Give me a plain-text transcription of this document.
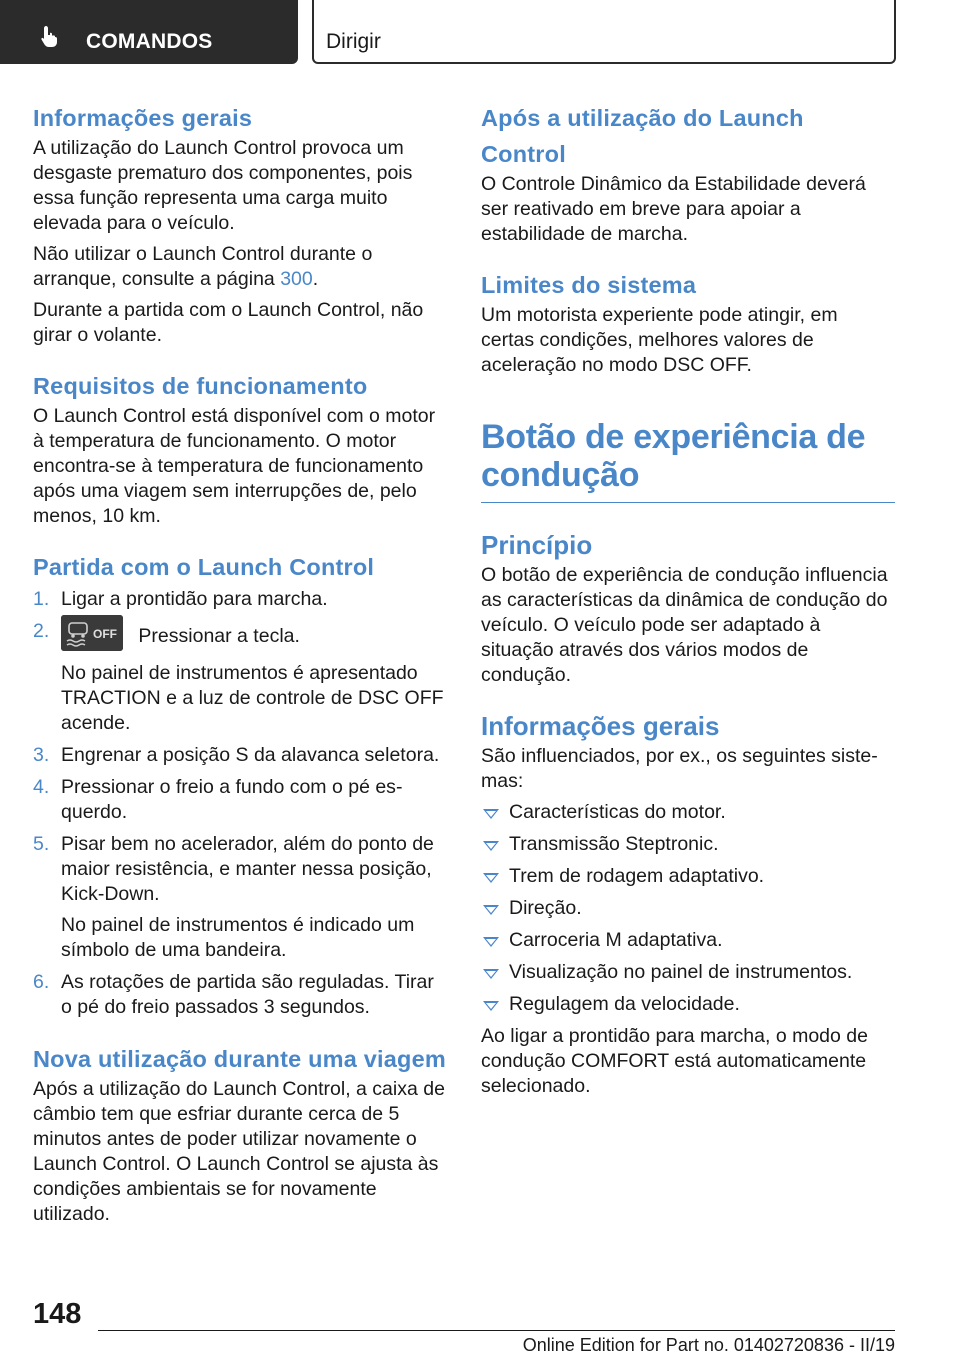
COMANDOS	Dirigir
Informações gerais

A utilização do Launch Control provoca um desgaste prematuro dos componentes, pois essa função representa uma carga muito elevada para o veículo.

Não utilizar o Launch Control durante o arranque, consulte a página 300.

Durante a partida com o Launch Control, não girar o volante.

Requisitos de funcionamento

O Launch Control está disponível com o motor à temperatura de funcionamento. O motor encontra-se à temperatura de funcionamento após uma viagem sem interrupções de, pelo menos, 10 km.

Partida com o Launch Control
1. Ligar a prontidão para marcha.
2.	OFF Pressionar a tecla.
No painel de instrumentos é apresentado TRACTION e a luz de controle de DSC OFF acende.
3. Engrenar a posição S da alavanca seletora.
4. Pressionar o freio a fundo com o pé esquerdo.
5. Pisar bem no acelerador, além do ponto de maior resistência, e manter nessa posição, Kick-Down.
No painel de instrumentos é indicado um símbolo de uma bandeira.
6. As rotações de partida são reguladas. Tirar o pé do freio passados 3 segundos.
Nova utilização durante uma viagem

Após a utilização do Launch Control, a caixa de câmbio tem que esfriar durante cerca de 5 minutos antes de poder utilizar novamente o Launch Control. O Launch Control se ajusta às condições ambientais se for novamente utilizado.

Após a utilização do Launch Control

O Controle Dinâmico da Estabilidade deverá ser reativado em breve para apoiar a estabilidade de marcha.

Limites do sistema

Um motorista experiente pode atingir, em certas condições, melhores valores de aceleração no modo DSC OFF.

Botão de experiência de
condução
Princípio

O botão de experiência de condução influencia as características da dinâmica de condução do veículo. O veículo pode ser adaptado à situação através dos vários modos de condução.

Informações gerais

São influenciados, por ex., os seguintes sistemas:

Características do motor.
Transmissão Steptronic.
Trem de rodagem adaptativo.
Direção.
Carroceria M adaptativa.
Visualização no painel de instrumentos.
Regulagem da velocidade.

Ao ligar a prontidão para marcha, o modo de condução COMFORT está automaticamente selecionado.

148
Online Edition for Part no. 01402720836 - II/19
